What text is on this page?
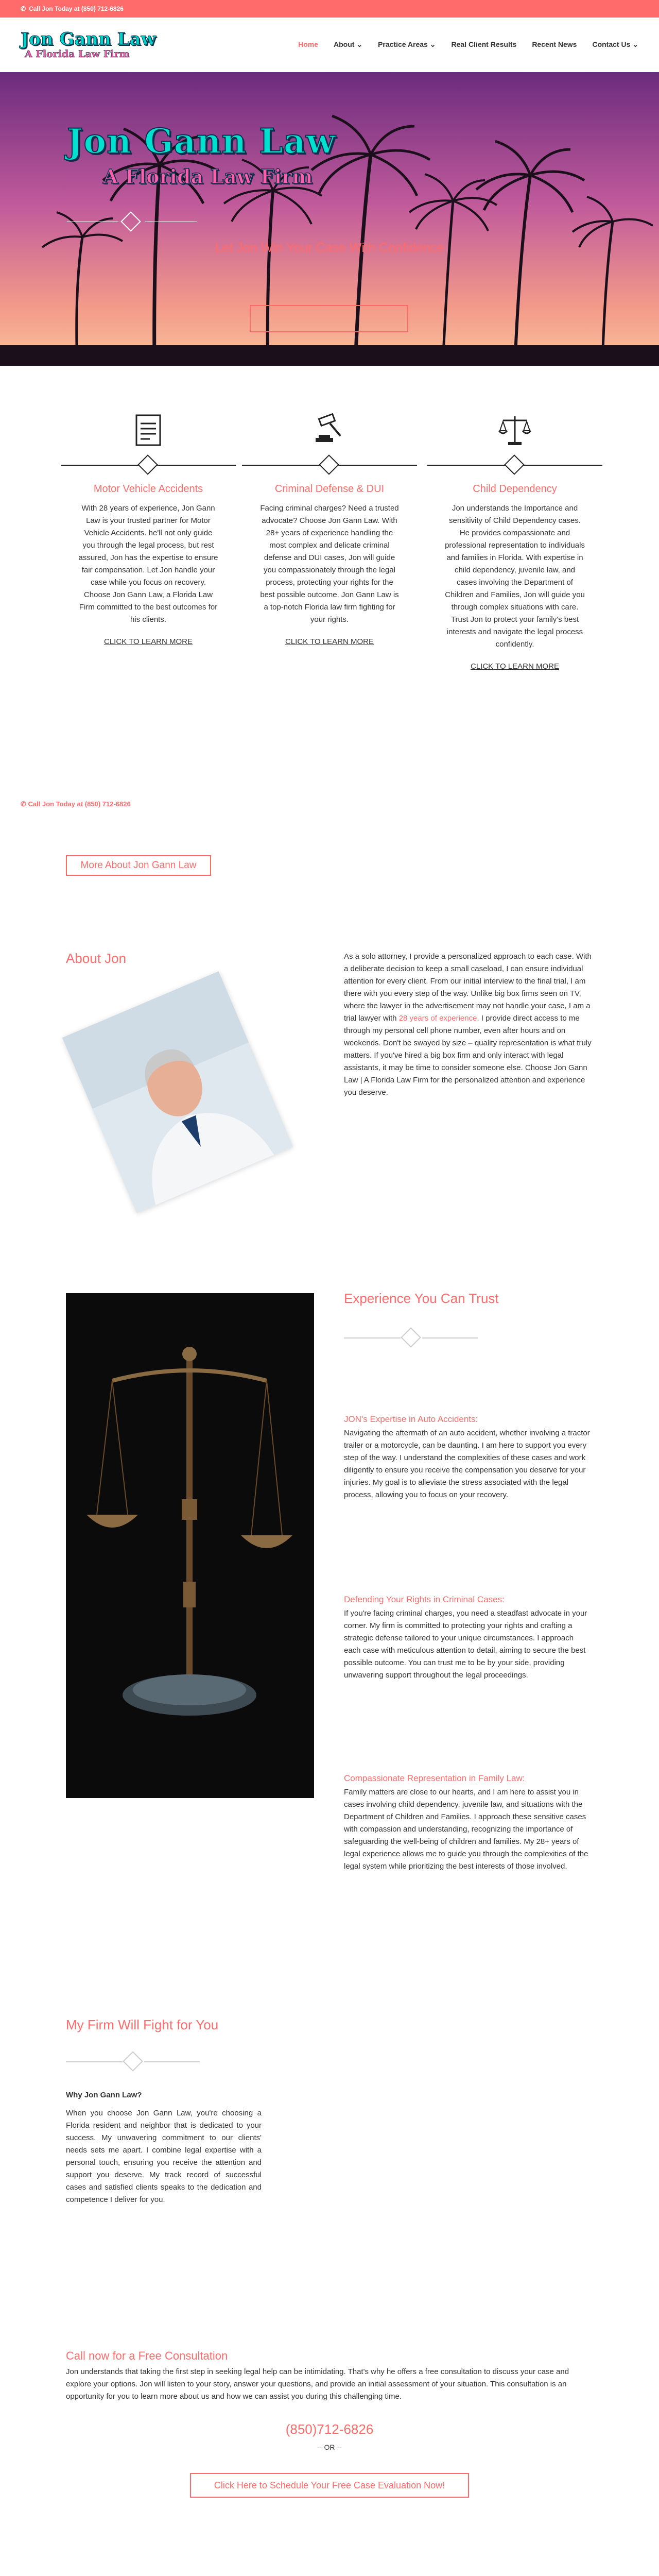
✆ Call Jon Today at (850) 712-6826
Jon Gann Law
A Florida Law Firm
Home About ⌄ Practice Areas ⌄ Real Client Results Recent News Contact Us ⌄
Jon Gann Law
A Florida Law Firm
Let Jon Win Your Case With Confidence
Motor Vehicle Accidents
With 28 years of experience, Jon Gann Law is your trusted partner for Motor Vehicle Accidents. he'll not only guide you through the legal process, but rest assured, Jon has the expertise to ensure fair compensation. Let Jon handle your case while you focus on recovery. Choose Jon Gann Law, a Florida Law Firm committed to the best outcomes for his clients.
CLICK TO LEARN MORE
Criminal Defense & DUI
Facing criminal charges? Need a trusted advocate? Choose Jon Gann Law. With 28+ years of experience handling the most complex and delicate criminal defense and DUI cases, Jon will guide you compassionately through the legal process, protecting your rights for the best possible outcome. Jon Gann Law is a top-notch Florida law firm fighting for your rights.
CLICK TO LEARN MORE
Child Dependency
Jon understands the Importance and sensitivity of Child Dependency cases. He provides compassionate and professional representation to individuals and families in Florida. With expertise in child dependency, juvenile law, and cases involving the Department of Children and Families, Jon will guide you through complex situations with care. Trust Jon to protect your family's best interests and navigate the legal process confidently.
CLICK TO LEARN MORE
✆ Call Jon Today at (850) 712-6826
More About Jon Gann Law
About Jon	As a solo attorney, I provide a personalized approach to each case. With a deliberate decision to keep a small caseload, I can ensure individual attention for every client. From our initial interview to the final trial, I am there with you every step of the way. Unlike big box firms seen on TV, where the lawyer in the advertisement may not handle your case, I am a trial lawyer with 28 years of experience. I provide direct access to me through my personal cell phone number, even after hours and on weekends. Don't be swayed by size – quality representation is what truly matters. If you've hired a big box firm and only interact with legal assistants, it may be time to consider someone else. Choose Jon Gann Law | A Florida Law Firm for the personalized attention and experience you deserve.
Experience You Can Trust
JON's Expertise in Auto Accidents:
Navigating the aftermath of an auto accident, whether involving a tractor trailer or a motorcycle, can be daunting. I am here to support you every step of the way. I understand the complexities of these cases and work diligently to ensure you receive the compensation you deserve for your injuries. My goal is to alleviate the stress associated with the legal process, allowing you to focus on your recovery.
Defending Your Rights in Criminal Cases:
If you're facing criminal charges, you need a steadfast advocate in your corner. My firm is committed to protecting your rights and crafting a strategic defense tailored to your unique circumstances. I approach each case with meticulous attention to detail, aiming to secure the best possible outcome. You can trust me to be by your side, providing unwavering support throughout the legal proceedings.
Compassionate Representation in Family Law:
Family matters are close to our hearts, and I am here to assist you in cases involving child dependency, juvenile law, and situations with the Department of Children and Families. I approach these sensitive cases with compassion and understanding, recognizing the importance of safeguarding the well-being of children and families. My 28+ years of legal experience allows me to guide you through the complexities of the legal system while prioritizing the best interests of those involved.
My Firm Will Fight for You
Why Jon Gann Law?
When you choose Jon Gann Law, you're choosing a Florida resident and neighbor that is dedicated to your success. My unwavering commitment to our clients' needs sets me apart. I combine legal expertise with a personal touch, ensuring you receive the attention and support you deserve. My track record of successful cases and satisfied clients speaks to the dedication and competence I deliver for you.
Call now for a Free Consultation
Jon understands that taking the first step in seeking legal help can be intimidating. That's why he offers a free consultation to discuss your case and explore your options. Jon will listen to your story, answer your questions, and provide an initial assessment of your situation. This consultation is an opportunity for you to learn more about us and how we can assist you during this challenging time.
(850)712-6826
– OR –
Click Here to Schedule Your Free Case Evaluation Now!
